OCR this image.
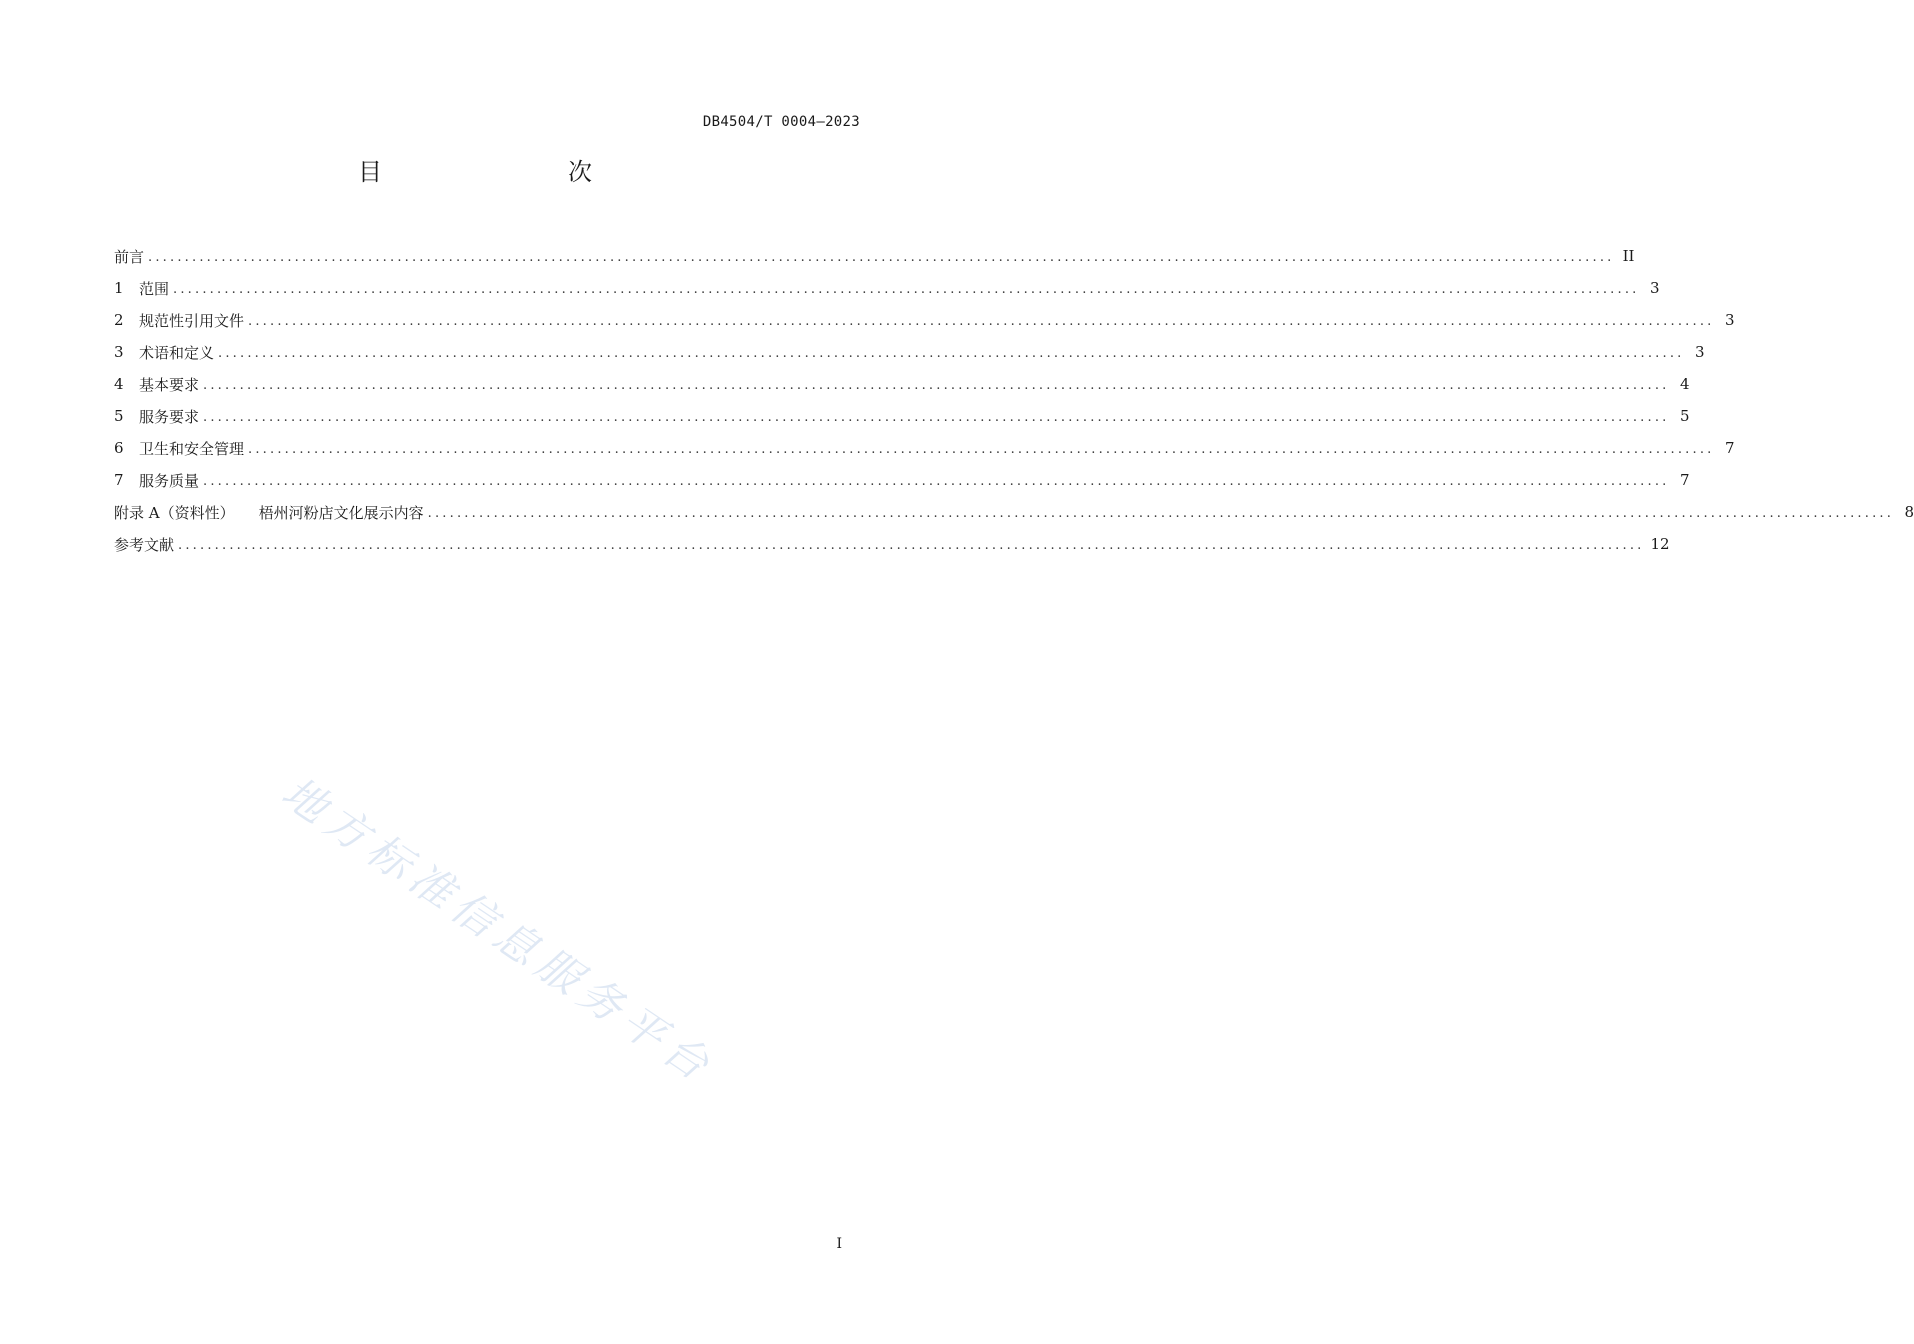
DB4504/T 0004—2023
目　　次
前言 ........................................................................................................................................................................................................ II
1	范围 ........................................................................................................................................................................................................ 3
2	规范性引用文件 ........................................................................................................................................................................................................ 3
3	术语和定义 ........................................................................................................................................................................................................ 3
4	基本要求 ........................................................................................................................................................................................................ 4
5	服务要求 ........................................................................................................................................................................................................ 5
6	卫生和安全管理 ........................................................................................................................................................................................................ 7
7	服务质量 ........................................................................................................................................................................................................ 7
附录 A（资料性） 梧州河粉店文化展示内容 ........................................................................................................................................................................................................ 8
参考文献 ........................................................................................................................................................................................................ 12
地方标准信息服务平台
I
